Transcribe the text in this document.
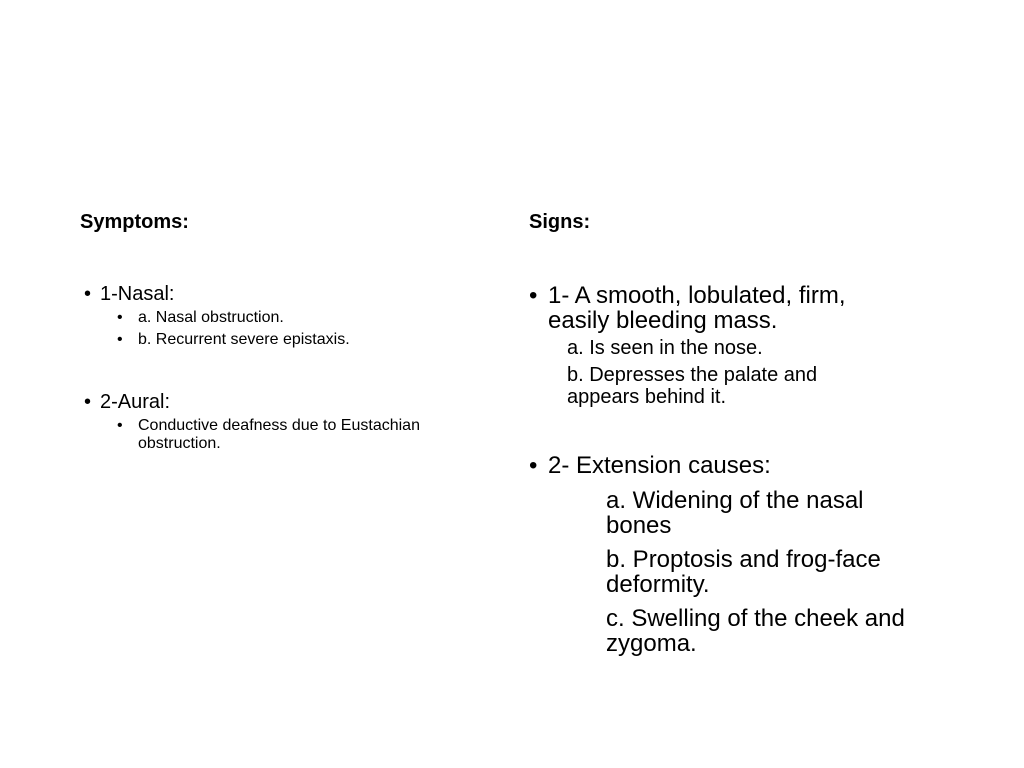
Symptoms:
• 1-Nasal:
• a. Nasal obstruction.
• b. Recurrent severe epistaxis.
• 2-Aural:
• Conductive deafness due to Eustachian obstruction.
Signs:
• 1- A smooth, lobulated, firm, easily bleeding mass.
a. Is seen in the nose.
b. Depresses the palate and appears behind it.
• 2- Extension causes:
a. Widening of the nasal bones
b. Proptosis and frog-face deformity.
c. Swelling of the cheek and zygoma.
